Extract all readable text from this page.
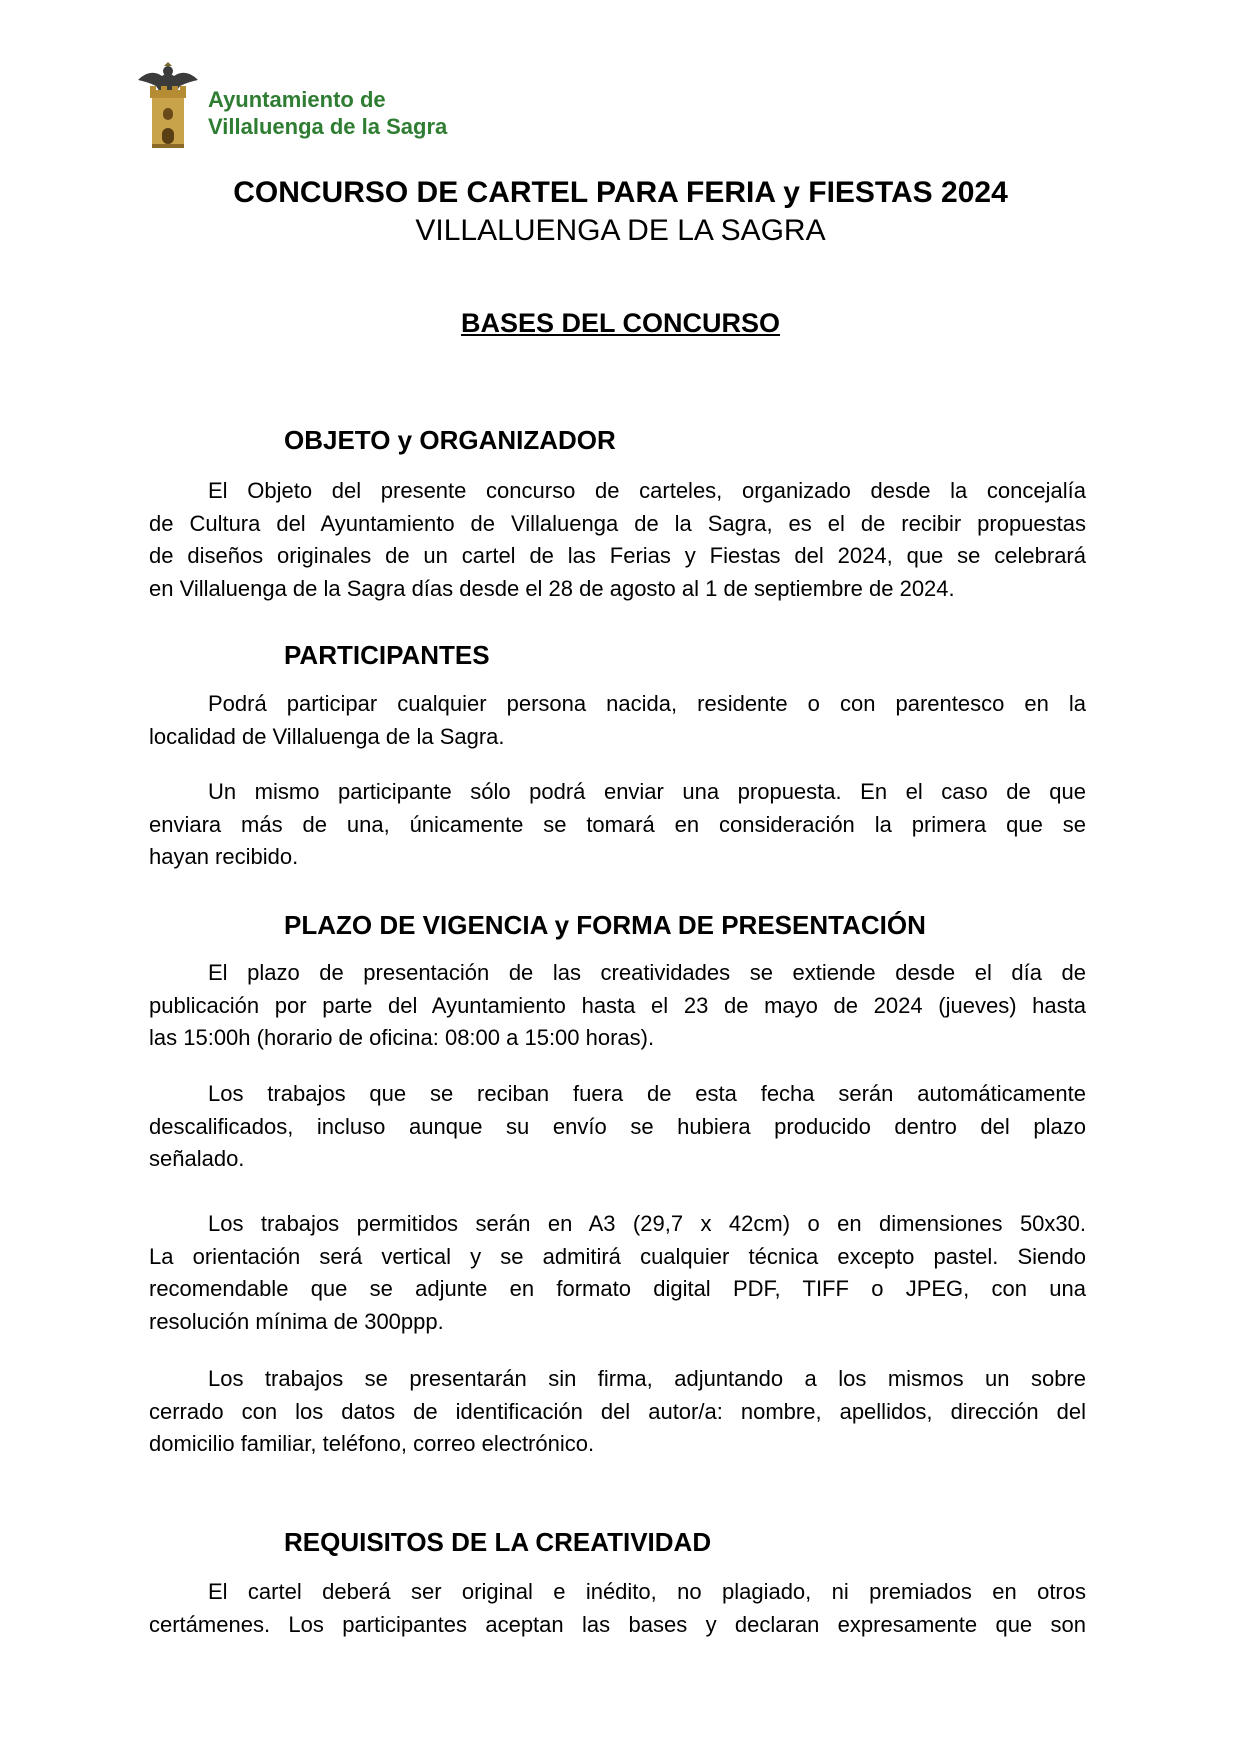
Ayuntamiento de
Villaluenga de la Sagra
CONCURSO DE CARTEL PARA FERIA y FIESTAS 2024
VILLALUENGA DE LA SAGRA
BASES DEL CONCURSO
OBJETO y ORGANIZADOR
El Objeto del presente concurso de carteles, organizado desde la concejalía
de Cultura del Ayuntamiento de Villaluenga de la Sagra, es el de recibir propuestas
de diseños originales de un cartel de las Ferias y Fiestas del 2024, que se celebrará
en Villaluenga de la Sagra días desde el 28 de agosto al 1 de septiembre de 2024.
PARTICIPANTES
Podrá participar cualquier persona nacida, residente o con parentesco en la
localidad de Villaluenga de la Sagra.
Un mismo participante sólo podrá enviar una propuesta. En el caso de que
enviara más de una, únicamente se tomará en consideración la primera que se
hayan recibido.
PLAZO DE VIGENCIA y FORMA DE PRESENTACIÓN
El plazo de presentación de las creatividades se extiende desde el día de
publicación por parte del Ayuntamiento hasta el 23 de mayo de 2024 (jueves) hasta
las 15:00h (horario de oficina: 08:00 a 15:00 horas).
Los trabajos que se reciban fuera de esta fecha serán automáticamente
descalificados, incluso aunque su envío se hubiera producido dentro del plazo
señalado.
Los trabajos permitidos serán en A3 (29,7 x 42cm) o en dimensiones 50x30.
La orientación será vertical y se admitirá cualquier técnica excepto pastel. Siendo
recomendable que se adjunte en formato digital PDF, TIFF o JPEG, con una
resolución mínima de 300ppp.
Los trabajos se presentarán sin firma, adjuntando a los mismos un sobre
cerrado con los datos de identificación del autor/a: nombre, apellidos, dirección del
domicilio familiar, teléfono, correo electrónico.
REQUISITOS DE LA CREATIVIDAD
El cartel deberá ser original e inédito, no plagiado, ni premiados en otros
certámenes. Los participantes aceptan las bases y declaran expresamente que son
